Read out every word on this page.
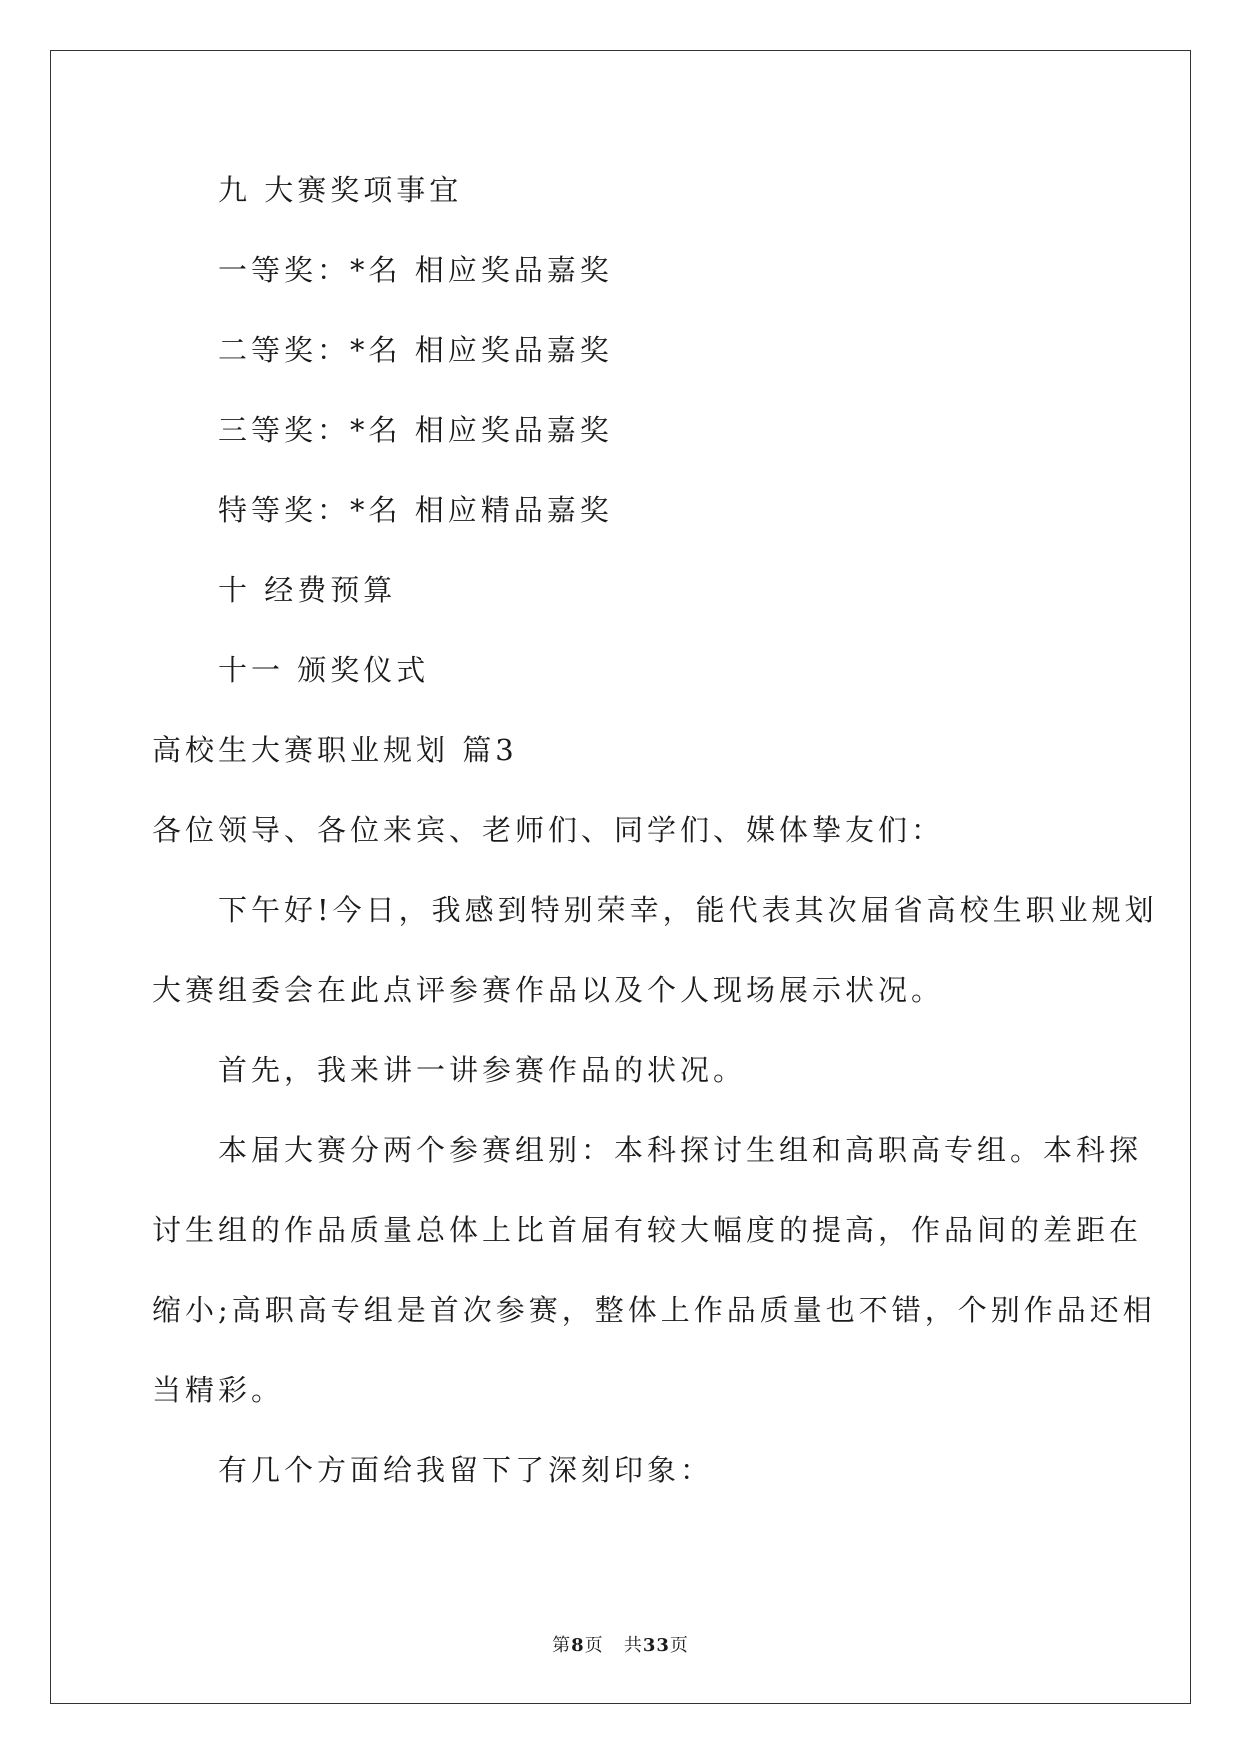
九 大赛奖项事宜
一等奖：*名 相应奖品嘉奖
二等奖：*名 相应奖品嘉奖
三等奖：*名 相应奖品嘉奖
特等奖：*名 相应精品嘉奖
十 经费预算
十一 颁奖仪式
高校生大赛职业规划 篇3
各位领导、各位来宾、老师们、同学们、媒体挚友们：
下午好!今日，我感到特别荣幸，能代表其次届省高校生职业规划
大赛组委会在此点评参赛作品以及个人现场展示状况。
首先，我来讲一讲参赛作品的状况。
本届大赛分两个参赛组别：本科探讨生组和高职高专组。本科探
讨生组的作品质量总体上比首届有较大幅度的提高，作品间的差距在
缩小;高职高专组是首次参赛，整体上作品质量也不错，个别作品还相
当精彩。
有几个方面给我留下了深刻印象：
第8页 共33页
